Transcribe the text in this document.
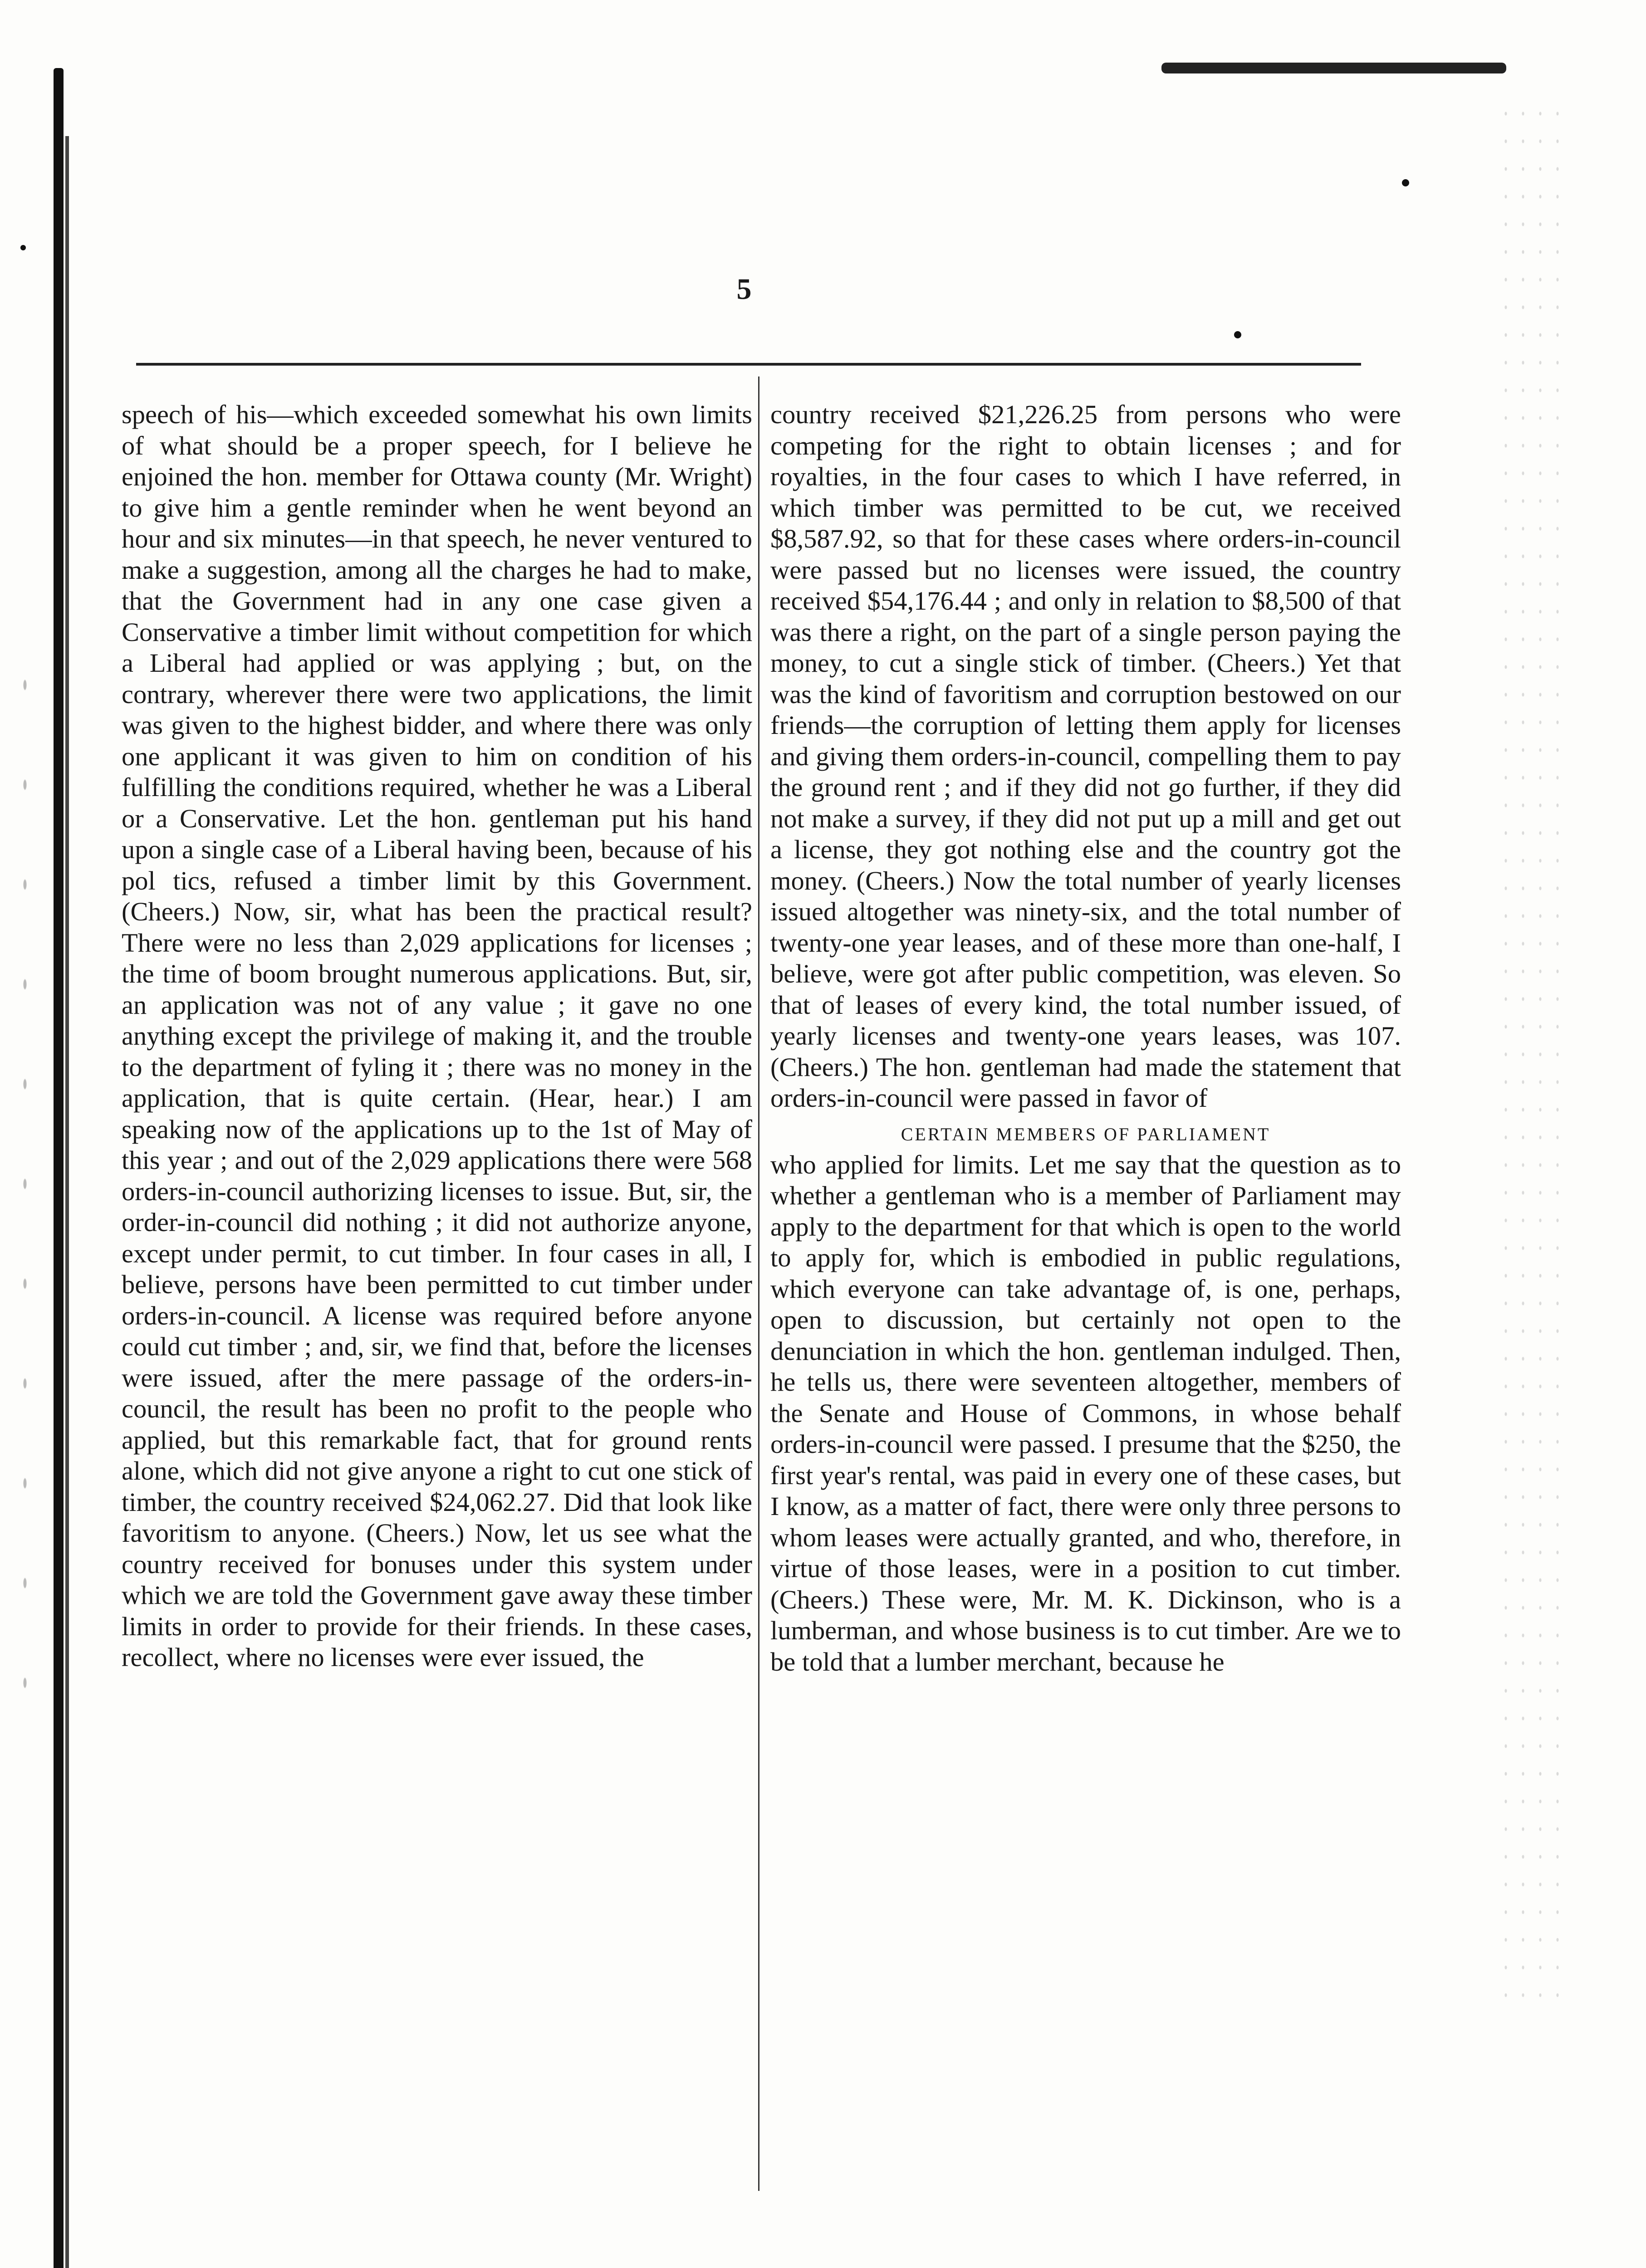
5

speech of his—which exceeded somewhat his own limits of what should be a proper speech, for I believe he enjoined the hon. member for Ottawa county (Mr. Wright) to give him a gentle reminder when he went beyond an hour and six minutes—in that speech, he never ventured to make a suggestion, among all the charges he had to make, that the Government had in any one case given a Conservative a timber limit without competition for which a Liberal had applied or was applying ; but, on the contrary, wherever there were two applications, the limit was given to the highest bidder, and where there was only one applicant it was given to him on condition of his fulfilling the conditions required, whether he was a Liberal or a Conservative. Let the hon. gentleman put his hand upon a single case of a Liberal having been, because of his pol tics, refused a timber limit by this Government. (Cheers.) Now, sir, what has been the practical result? There were no less than 2,029 applications for licenses ; the time of boom brought numerous applications. But, sir, an application was not of any value ; it gave no one anything except the privilege of making it, and the trouble to the department of fyling it ; there was no money in the application, that is quite certain. (Hear, hear.) I am speaking now of the applications up to the 1st of May of this year ; and out of the 2,029 applications there were 568 orders-in-council authorizing licenses to issue. But, sir, the order-in-council did nothing ; it did not authorize anyone, except under permit, to cut timber. In four cases in all, I believe, persons have been permitted to cut timber under orders-in-council. A license was required before anyone could cut timber ; and, sir, we find that, before the licenses were issued, after the mere passage of the orders-in-council, the result has been no profit to the people who applied, but this remarkable fact, that for ground rents alone, which did not give anyone a right to cut one stick of timber, the country received $24,062.27. Did that look like favoritism to anyone. (Cheers.) Now, let us see what the country received for bonuses under this system under which we are told the Government gave away these timber limits in order to provide for their friends. In these cases, recollect, where no licenses were ever issued, the

country received $21,226.25 from persons who were competing for the right to obtain licenses ; and for royalties, in the four cases to which I have referred, in which timber was permitted to be cut, we received $8,587.92, so that for these cases where orders-in-council were passed but no licenses were issued, the country received $54,176.44 ; and only in relation to $8,500 of that was there a right, on the part of a single person paying the money, to cut a single stick of timber. (Cheers.) Yet that was the kind of favoritism and corruption bestowed on our friends—the corruption of letting them apply for licenses and giving them orders-in-council, compelling them to pay the ground rent ; and if they did not go further, if they did not make a survey, if they did not put up a mill and get out a license, they got nothing else and the country got the money. (Cheers.) Now the total number of yearly licenses issued altogether was ninety-six, and the total number of twenty-one year leases, and of these more than one-half, I believe, were got after public competition, was eleven. So that of leases of every kind, the total number issued, of yearly licenses and twenty-one years leases, was 107. (Cheers.) The hon. gentleman had made the statement that orders-in-council were passed in favor of

CERTAIN MEMBERS OF PARLIAMENT

who applied for limits. Let me say that the question as to whether a gentleman who is a member of Parliament may apply to the department for that which is open to the world to apply for, which is embodied in public regulations, which everyone can take advantage of, is one, perhaps, open to discussion, but certainly not open to the denunciation in which the hon. gentleman indulged. Then, he tells us, there were seventeen altogether, members of the Senate and House of Commons, in whose behalf orders-in-council were passed. I presume that the $250, the first year's rental, was paid in every one of these cases, but I know, as a matter of fact, there were only three persons to whom leases were actually granted, and who, therefore, in virtue of those leases, were in a position to cut timber. (Cheers.) These were, Mr. M. K. Dickinson, who is a lumberman, and whose business is to cut timber. Are we to be told that a lumber merchant, because he
